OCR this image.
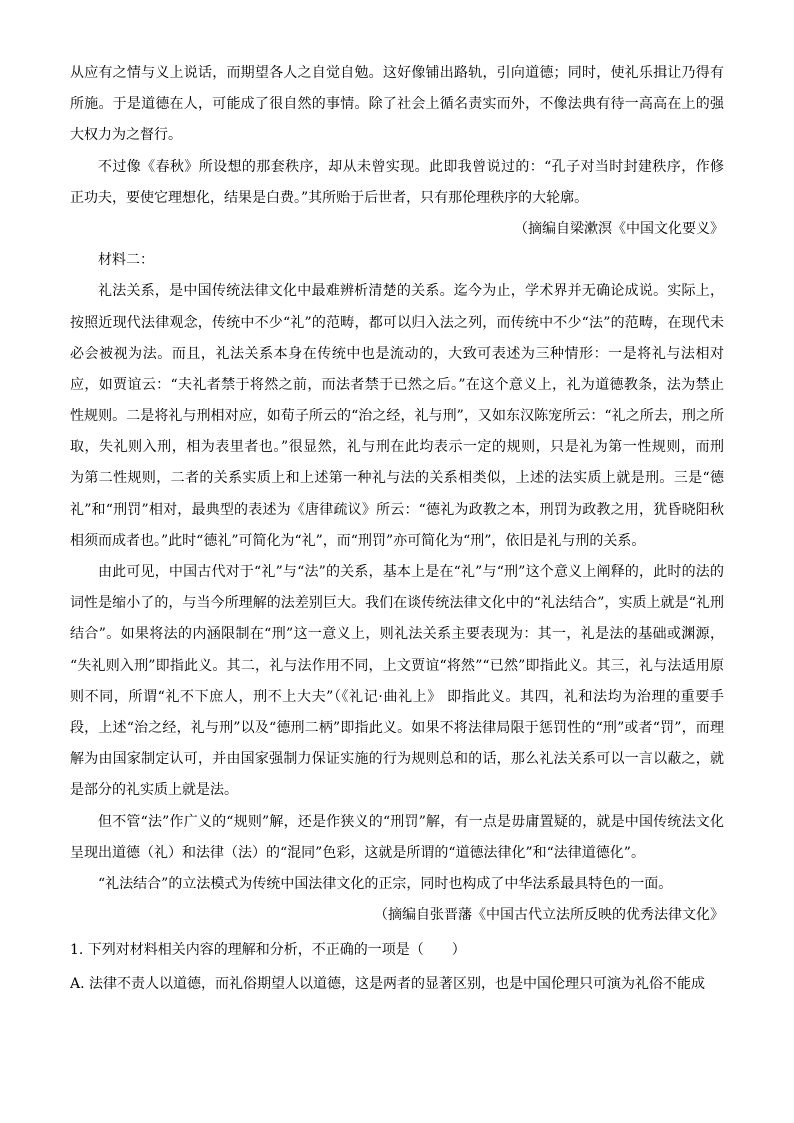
从应有之情与义上说话，而期望各人之自觉自勉。这好像铺出路轨，引向道德；同时，使礼乐揖让乃得有
所施。于是道德在人，可能成了很自然的事情。除了社会上循名责实而外，不像法典有待一高高在上的强
大权力为之督行。
不过像《春秋》所设想的那套秩序，却从未曾实现。此即我曾说过的：“孔子对当时封建秩序，作修
正功夫，要使它理想化，结果是白费。”其所贻于后世者，只有那伦理秩序的大轮廓。
（摘编自梁漱溟《中国文化要义》
材料二：
礼法关系，是中国传统法律文化中最难辨析清楚的关系。迄今为止，学术界并无确论成说。实际上，
按照近现代法律观念，传统中不少“礼”的范畴，都可以归入法之列，而传统中不少“法”的范畴，在现代未
必会被视为法。而且，礼法关系本身在传统中也是流动的，大致可表述为三种情形：一是将礼与法相对
应，如贾谊云：“夫礼者禁于将然之前，而法者禁于已然之后。”在这个意义上，礼为道德教条，法为禁止
性规则。二是将礼与刑相对应，如荀子所云的“治之经，礼与刑”，又如东汉陈宠所云：“礼之所去，刑之所
取，失礼则入刑，相为表里者也。”很显然，礼与刑在此均表示一定的规则，只是礼为第一性规则，而刑
为第二性规则，二者的关系实质上和上述第一种礼与法的关系相类似，上述的法实质上就是刑。三是“德
礼”和“刑罚”相对，最典型的表述为《唐律疏议》所云：“德礼为政教之本，刑罚为政教之用，犹昏晓阳秋
相须而成者也。”此时“德礼”可简化为“礼”，而“刑罚”亦可简化为“刑”，依旧是礼与刑的关系。
由此可见，中国古代对于“礼”与“法”的关系，基本上是在“礼”与“刑”这个意义上阐释的，此时的法的
词性是缩小了的，与当今所理解的法差别巨大。我们在谈传统法律文化中的“礼法结合”，实质上就是“礼刑
结合”。如果将法的内涵限制在“刑”这一意义上，则礼法关系主要表现为：其一，礼是法的基础或渊源，
“失礼则入刑”即指此义。其二，礼与法作用不同，上文贾谊“将然”“已然”即指此义。其三，礼与法适用原
则不同，所谓“礼不下庶人，刑不上大夫”（《礼记·曲礼上》 即指此义。其四，礼和法均为治理的重要手
段，上述“治之经，礼与刑”以及“德刑二柄”即指此义。如果不将法律局限于惩罚性的“刑”或者“罚”，而理
解为由国家制定认可，并由国家强制力保证实施的行为规则总和的话，那么礼法关系可以一言以蔽之，就
是部分的礼实质上就是法。
但不管“法”作广义的“规则”解，还是作狭义的“刑罚”解，有一点是毋庸置疑的，就是中国传统法文化
呈现出道德（礼）和法律（法）的“混同”色彩，这就是所谓的“道德法律化”和“法律道德化”。
“礼法结合”的立法模式为传统中国法律文化的正宗，同时也构成了中华法系最具特色的一面。
（摘编自张晋藩《中国古代立法所反映的优秀法律文化》
1. 下列对材料相关内容的理解和分析，不正确的一项是（　　）
A. 法律不责人以道德，而礼俗期望人以道德，这是两者的显著区别，也是中国伦理只可演为礼俗不能成
